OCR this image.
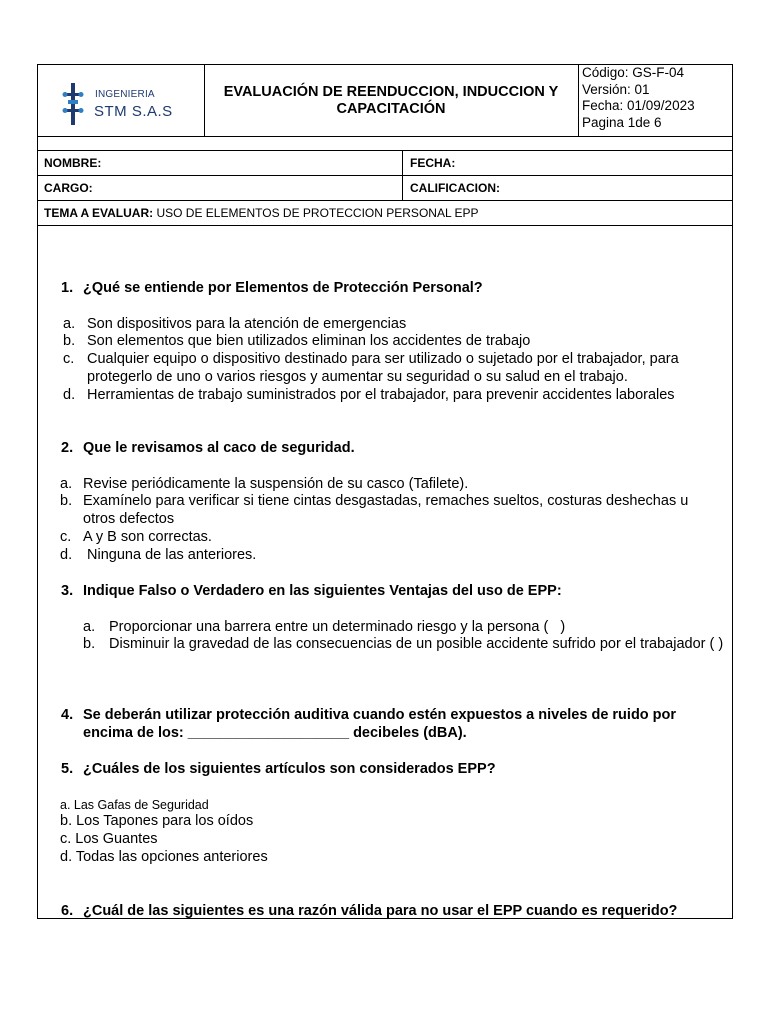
INGENIERIA
STM S.A.S
EVALUACIÓN DE REENDUCCION, INDUCCION Y CAPACITACIÓN
Código: GS-F-04
Versión: 01
Fecha: 01/09/2023
Pagina 1de 6
NOMBRE:	FECHA:
CARGO:	CALIFICACION:
TEMA A EVALUAR: USO DE ELEMENTOS DE PROTECCION PERSONAL EPP
1. ¿Qué se entiende por Elementos de Protección Personal?
a. Son dispositivos para la atención de emergencias
b. Son elementos que bien utilizados eliminan los accidentes de trabajo
c. Cualquier equipo o dispositivo destinado para ser utilizado o sujetado por el trabajador, para protegerlo de uno o varios riesgos y aumentar su seguridad o su salud en el trabajo.
d. Herramientas de trabajo suministrados por el trabajador, para prevenir accidentes laborales
2. Que le revisamos al caco de seguridad.
a. Revise periódicamente la suspensión de su casco (Tafilete).
b. Examínelo para verificar si tiene cintas desgastadas, remaches sueltos, costuras deshechas u otros defectos
c. A y B son correctas.
d. Ninguna de las anteriores.
3. Indique Falso o Verdadero en las siguientes Ventajas del uso de EPP:
a. Proporcionar una barrera entre un determinado riesgo y la persona (   )
b. Disminuir la gravedad de las consecuencias de un posible accidente sufrido por el trabajador ( )
4. Se deberán utilizar protección auditiva cuando estén expuestos a niveles de ruido por encima de los: ____________________ decibeles (dBA).
5. ¿Cuáles de los siguientes artículos son considerados EPP?
a. Las Gafas de Seguridad
b. Los Tapones para los oídos
c. Los Guantes
d. Todas las opciones anteriores
6. ¿Cuál de las siguientes es una razón válida para no usar el EPP cuando es requerido?
